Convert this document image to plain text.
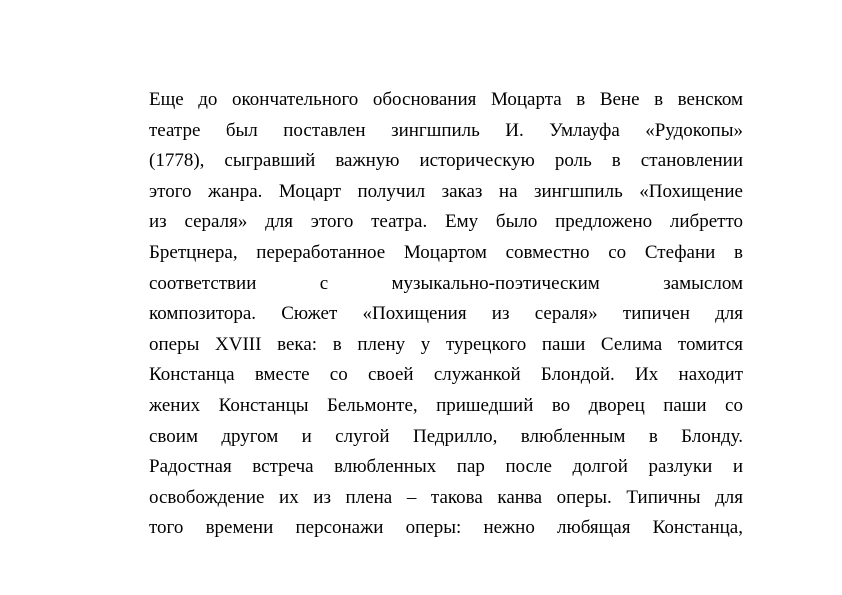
Еще до окончательного обоснования Моцарта в Вене в венском
театре был поставлен зингшпиль И. Умлауфа «Рудокопы»
(1778), сыгравший важную историческую роль в становлении
этого жанра. Моцарт получил заказ на зингшпиль «Похищение
из сераля» для этого театра. Ему было предложено либретто
Бретцнера, переработанное Моцартом совместно со Стефани в
соответствии с музыкально-поэтическим замыслом
композитора. Сюжет «Похищения из сераля» типичен для
оперы XVIII века: в плену у турецкого паши Селима томится
Констанца вместе со своей служанкой Блондой. Их находит
жених Констанцы Бельмонте, пришедший во дворец паши со
своим другом и слугой Педрилло, влюбленным в Блонду.
Радостная встреча влюбленных пар после долгой разлуки и
освобождение их из плена – такова канва оперы. Типичны для
того времени персонажи оперы: нежно любящая Констанца,
